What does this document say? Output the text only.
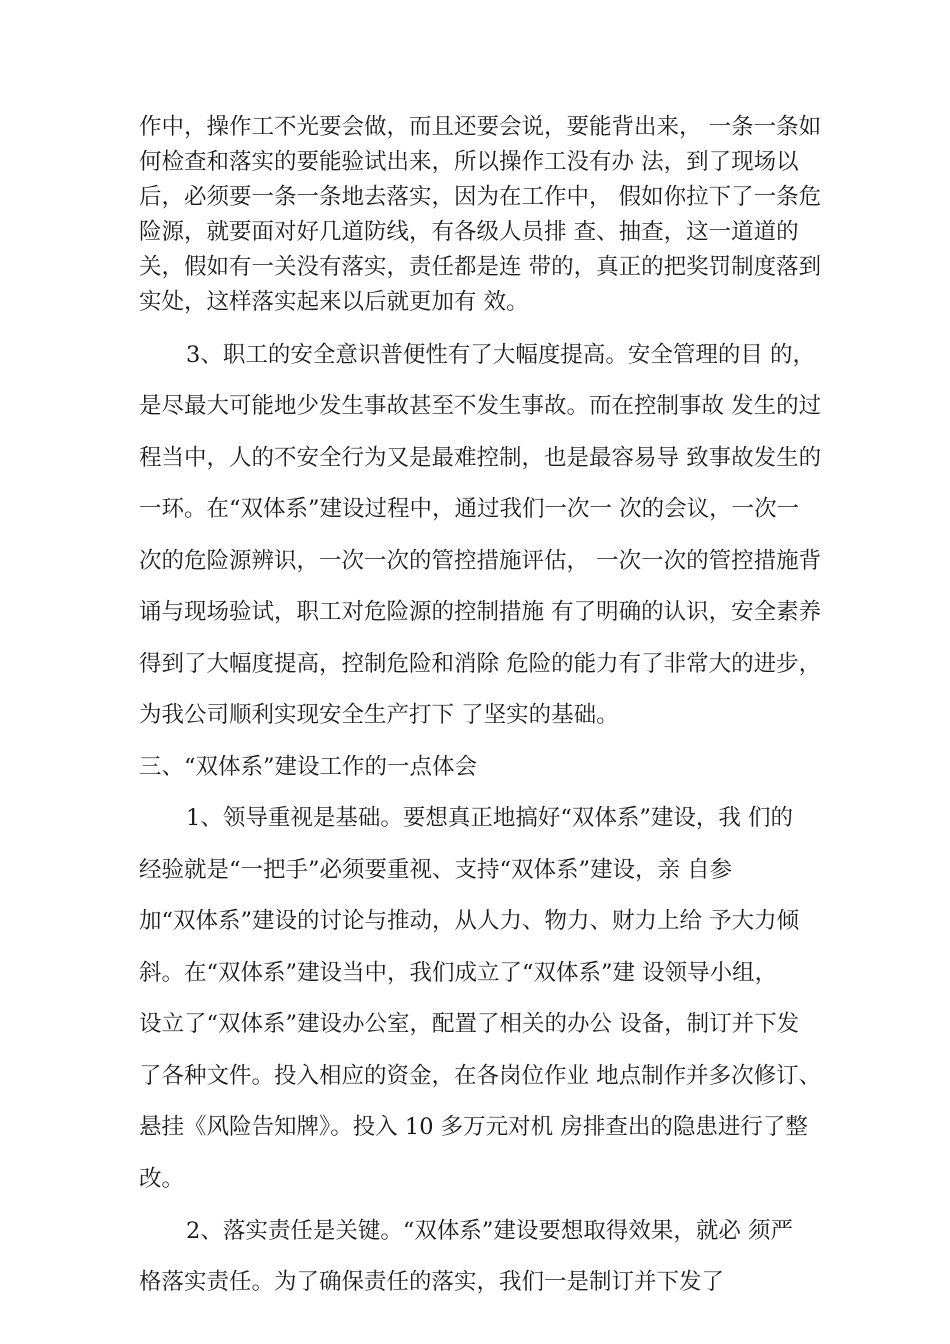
作中，操作工不光要会做，而且还要会说，要能背出来， 一条一条如
何检查和落实的要能验试出来，所以操作工没有办 法，到了现场以
后，必须要一条一条地去落实，因为在工作中， 假如你拉下了一条危
险源，就要面对好几道防线，有各级人员排 查、抽查，这一道道的
关，假如有一关没有落实，责任都是连 带的，真正的把奖罚制度落到
实处，这样落实起来以后就更加有 效。
3、职工的安全意识普便性有了大幅度提高。安全管理的目 的，
是尽最大可能地少发生事故甚至不发生事故。而在控制事故 发生的过
程当中，人的不安全行为又是最难控制，也是最容易导 致事故发生的
一环。在“双体系”建设过程中，通过我们一次一 次的会议，一次一
次的危险源辨识，一次一次的管控措施评估， 一次一次的管控措施背
诵与现场验试，职工对危险源的控制措施 有了明确的认识，安全素养
得到了大幅度提高，控制危险和消除 危险的能力有了非常大的进步，
为我公司顺利实现安全生产打下 了坚实的基础。
三、“双体系”建设工作的一点体会
1、领导重视是基础。要想真正地搞好“双体系”建设，我 们的
经验就是“一把手”必须要重视、支持“双体系”建设，亲 自参
加“双体系”建设的讨论与推动，从人力、物力、财力上给 予大力倾
斜。在“双体系”建设当中，我们成立了“双体系”建 设领导小组，
设立了“双体系”建设办公室，配置了相关的办公 设备，制订并下发
了各种文件。投入相应的资金，在各岗位作业 地点制作并多次修订、
悬挂《风险告知牌》。投入 10 多万元对机 房排查出的隐患进行了整
改。
2、落实责任是关键。“双体系”建设要想取得效果，就必 须严
格落实责任。为了确保责任的落实，我们一是制订并下发了
